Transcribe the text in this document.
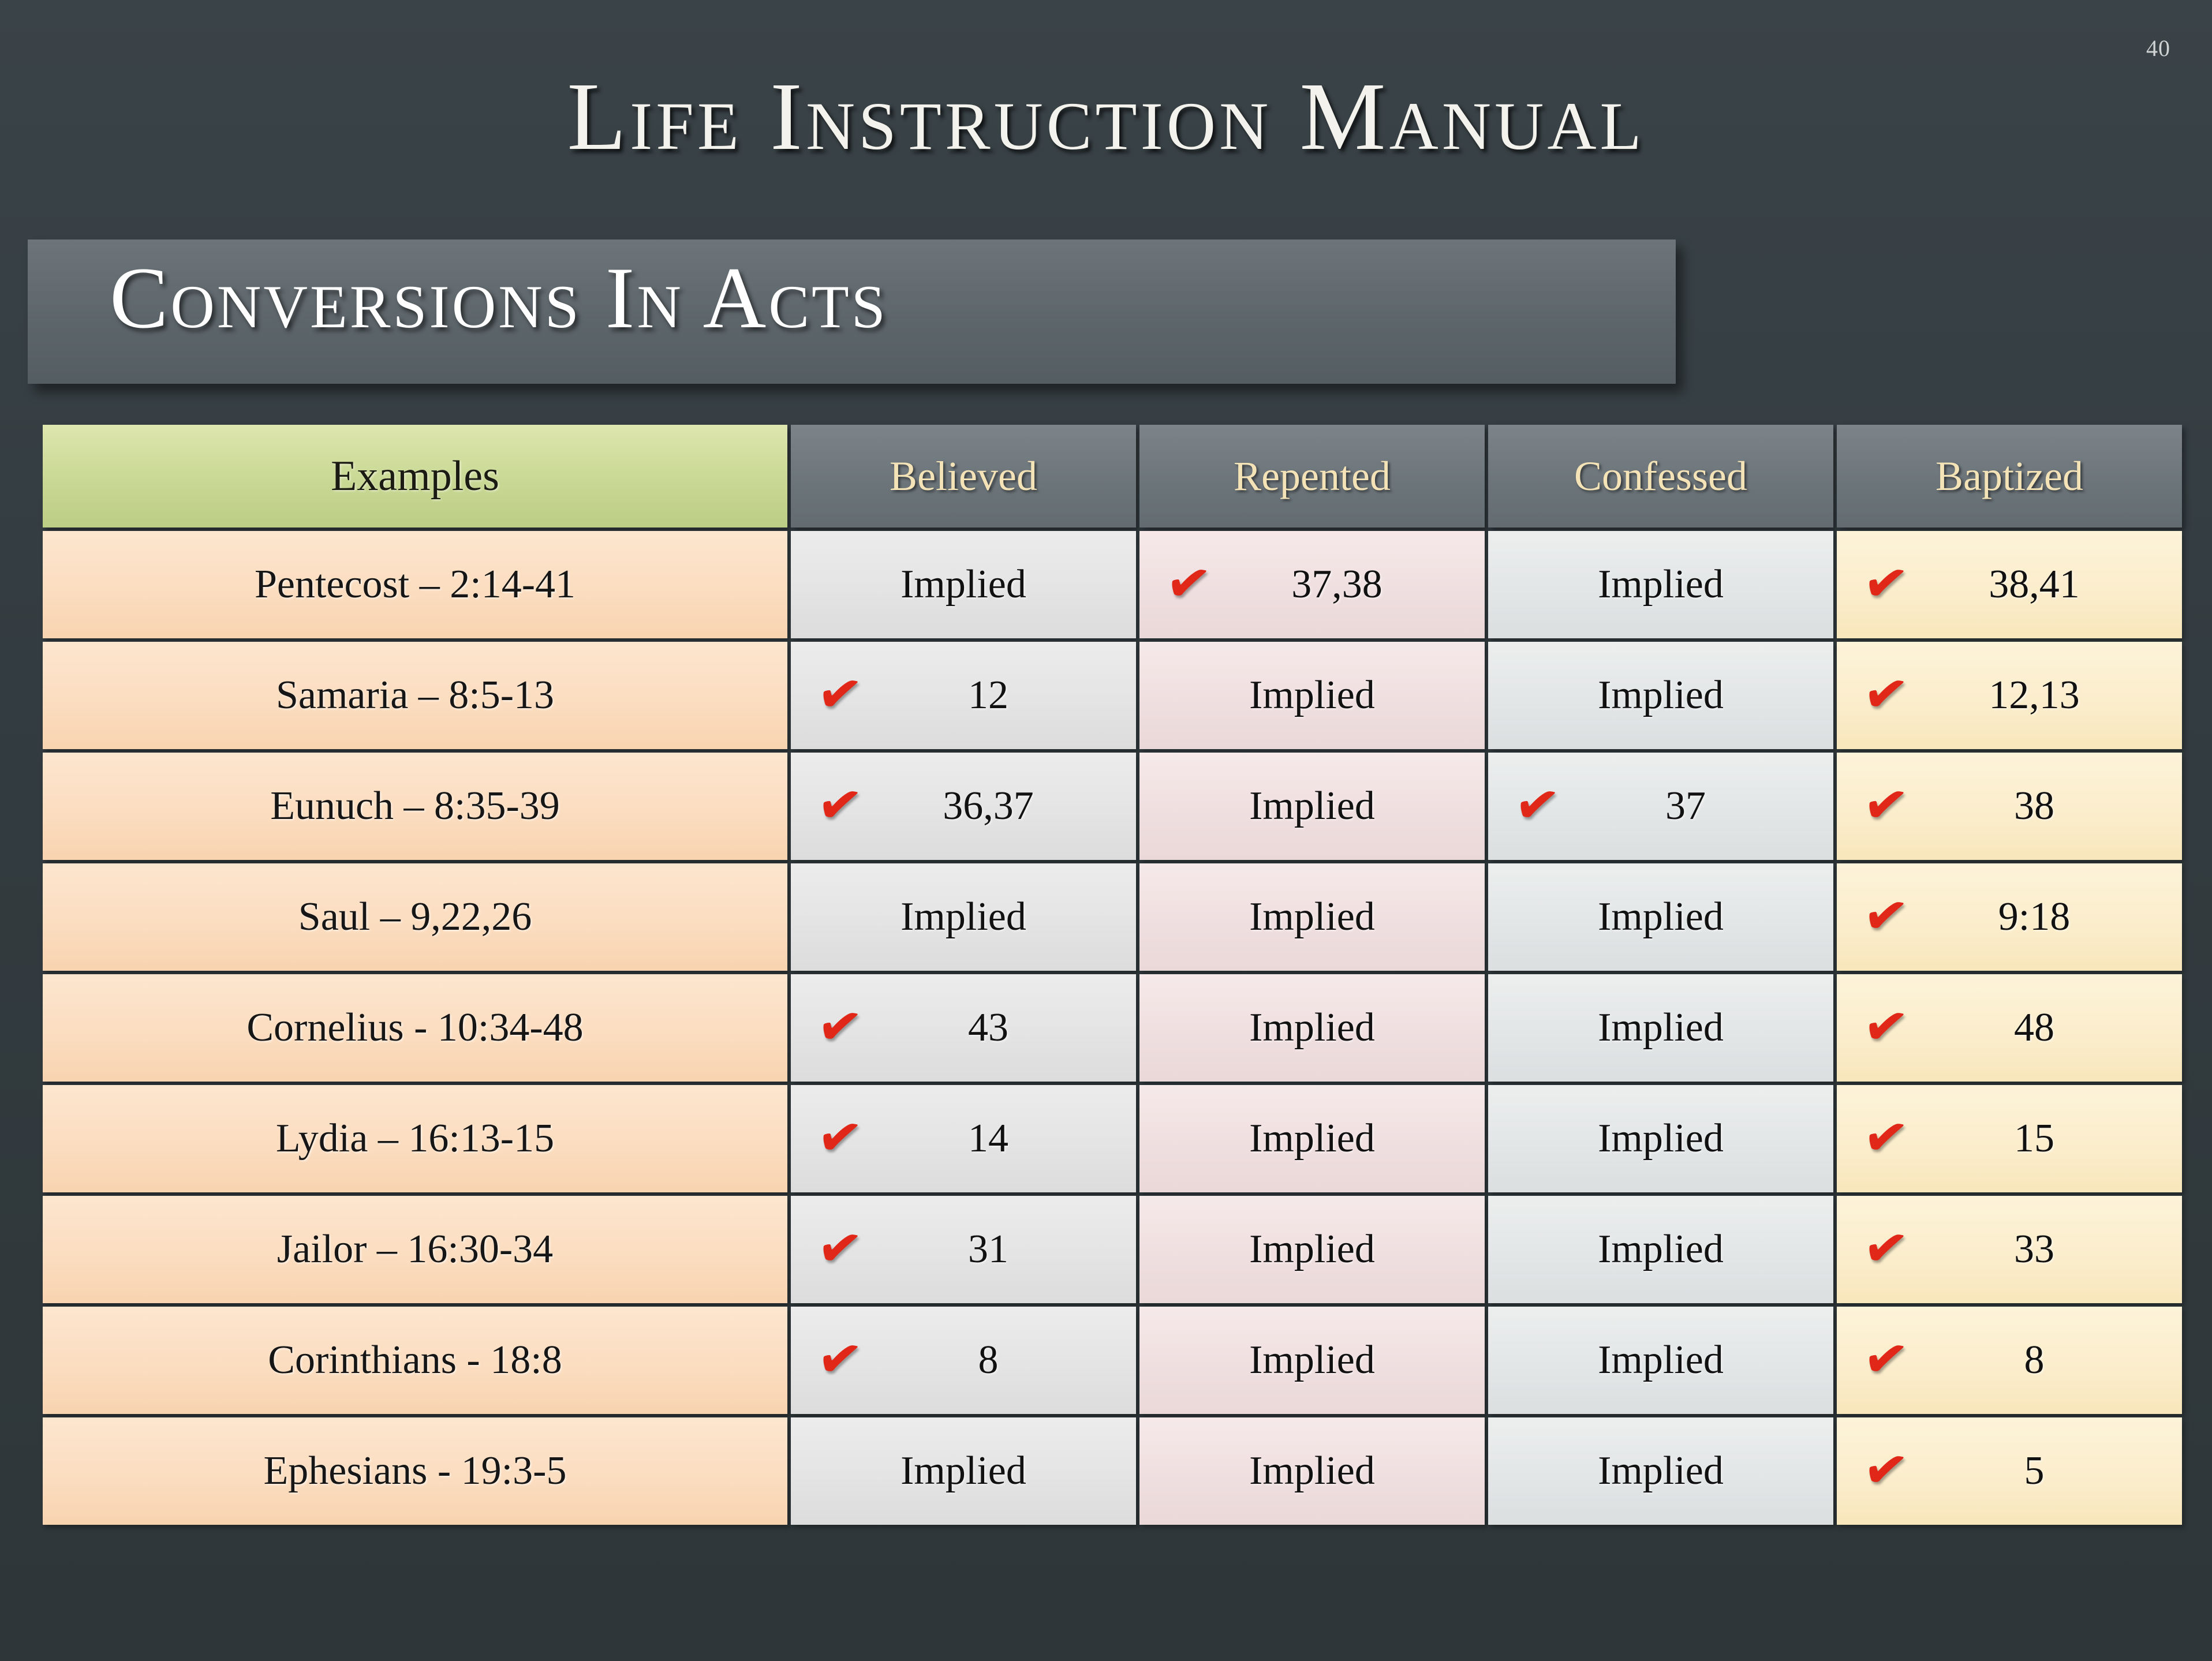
40
Life Instruction Manual
Conversions In Acts
Examples	Believed	Repented	Confessed	Baptized
Pentecost – 2:14-41	Implied	✔ 37,38	Implied	✔ 38,41

Samaria – 8:5-13	✔ 12	Implied	Implied	✔ 12,13

Eunuch – 8:35-39	✔ 36,37	Implied	✔ 37	✔ 38

Saul – 9,22,26	Implied	Implied	Implied	✔ 9:18

Cornelius - 10:34-48	✔ 43	Implied	Implied	✔ 48

Lydia – 16:13-15	✔ 14	Implied	Implied	✔ 15

Jailor – 16:30-34	✔ 31	Implied	Implied	✔ 33

Corinthians - 18:8	✔ 8	Implied	Implied	✔ 8

Ephesians - 19:3-5	Implied	Implied	Implied	✔ 5
